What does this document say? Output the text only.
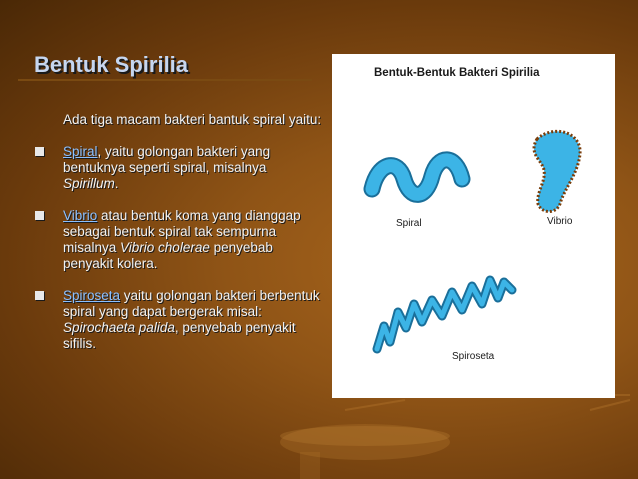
Bentuk Spirilia

Ada tiga macam bakteri bantuk spiral yaitu:

Spiral, yaitu golongan bakteri yang bentuknya seperti spiral, misalnya Spirillum.

Vibrio atau bentuk koma yang dianggap sebagai bentuk spiral tak sempurna misalnya Vibrio cholerae penyebab penyakit kolera.

Spiroseta yaitu golongan bakteri berbentuk spiral yang dapat bergerak misal: Spirochaeta palida, penyebab penyakit sifilis.

Bentuk-Bentuk Bakteri Spirilia
Spiral	Vibrio
Spiroseta
